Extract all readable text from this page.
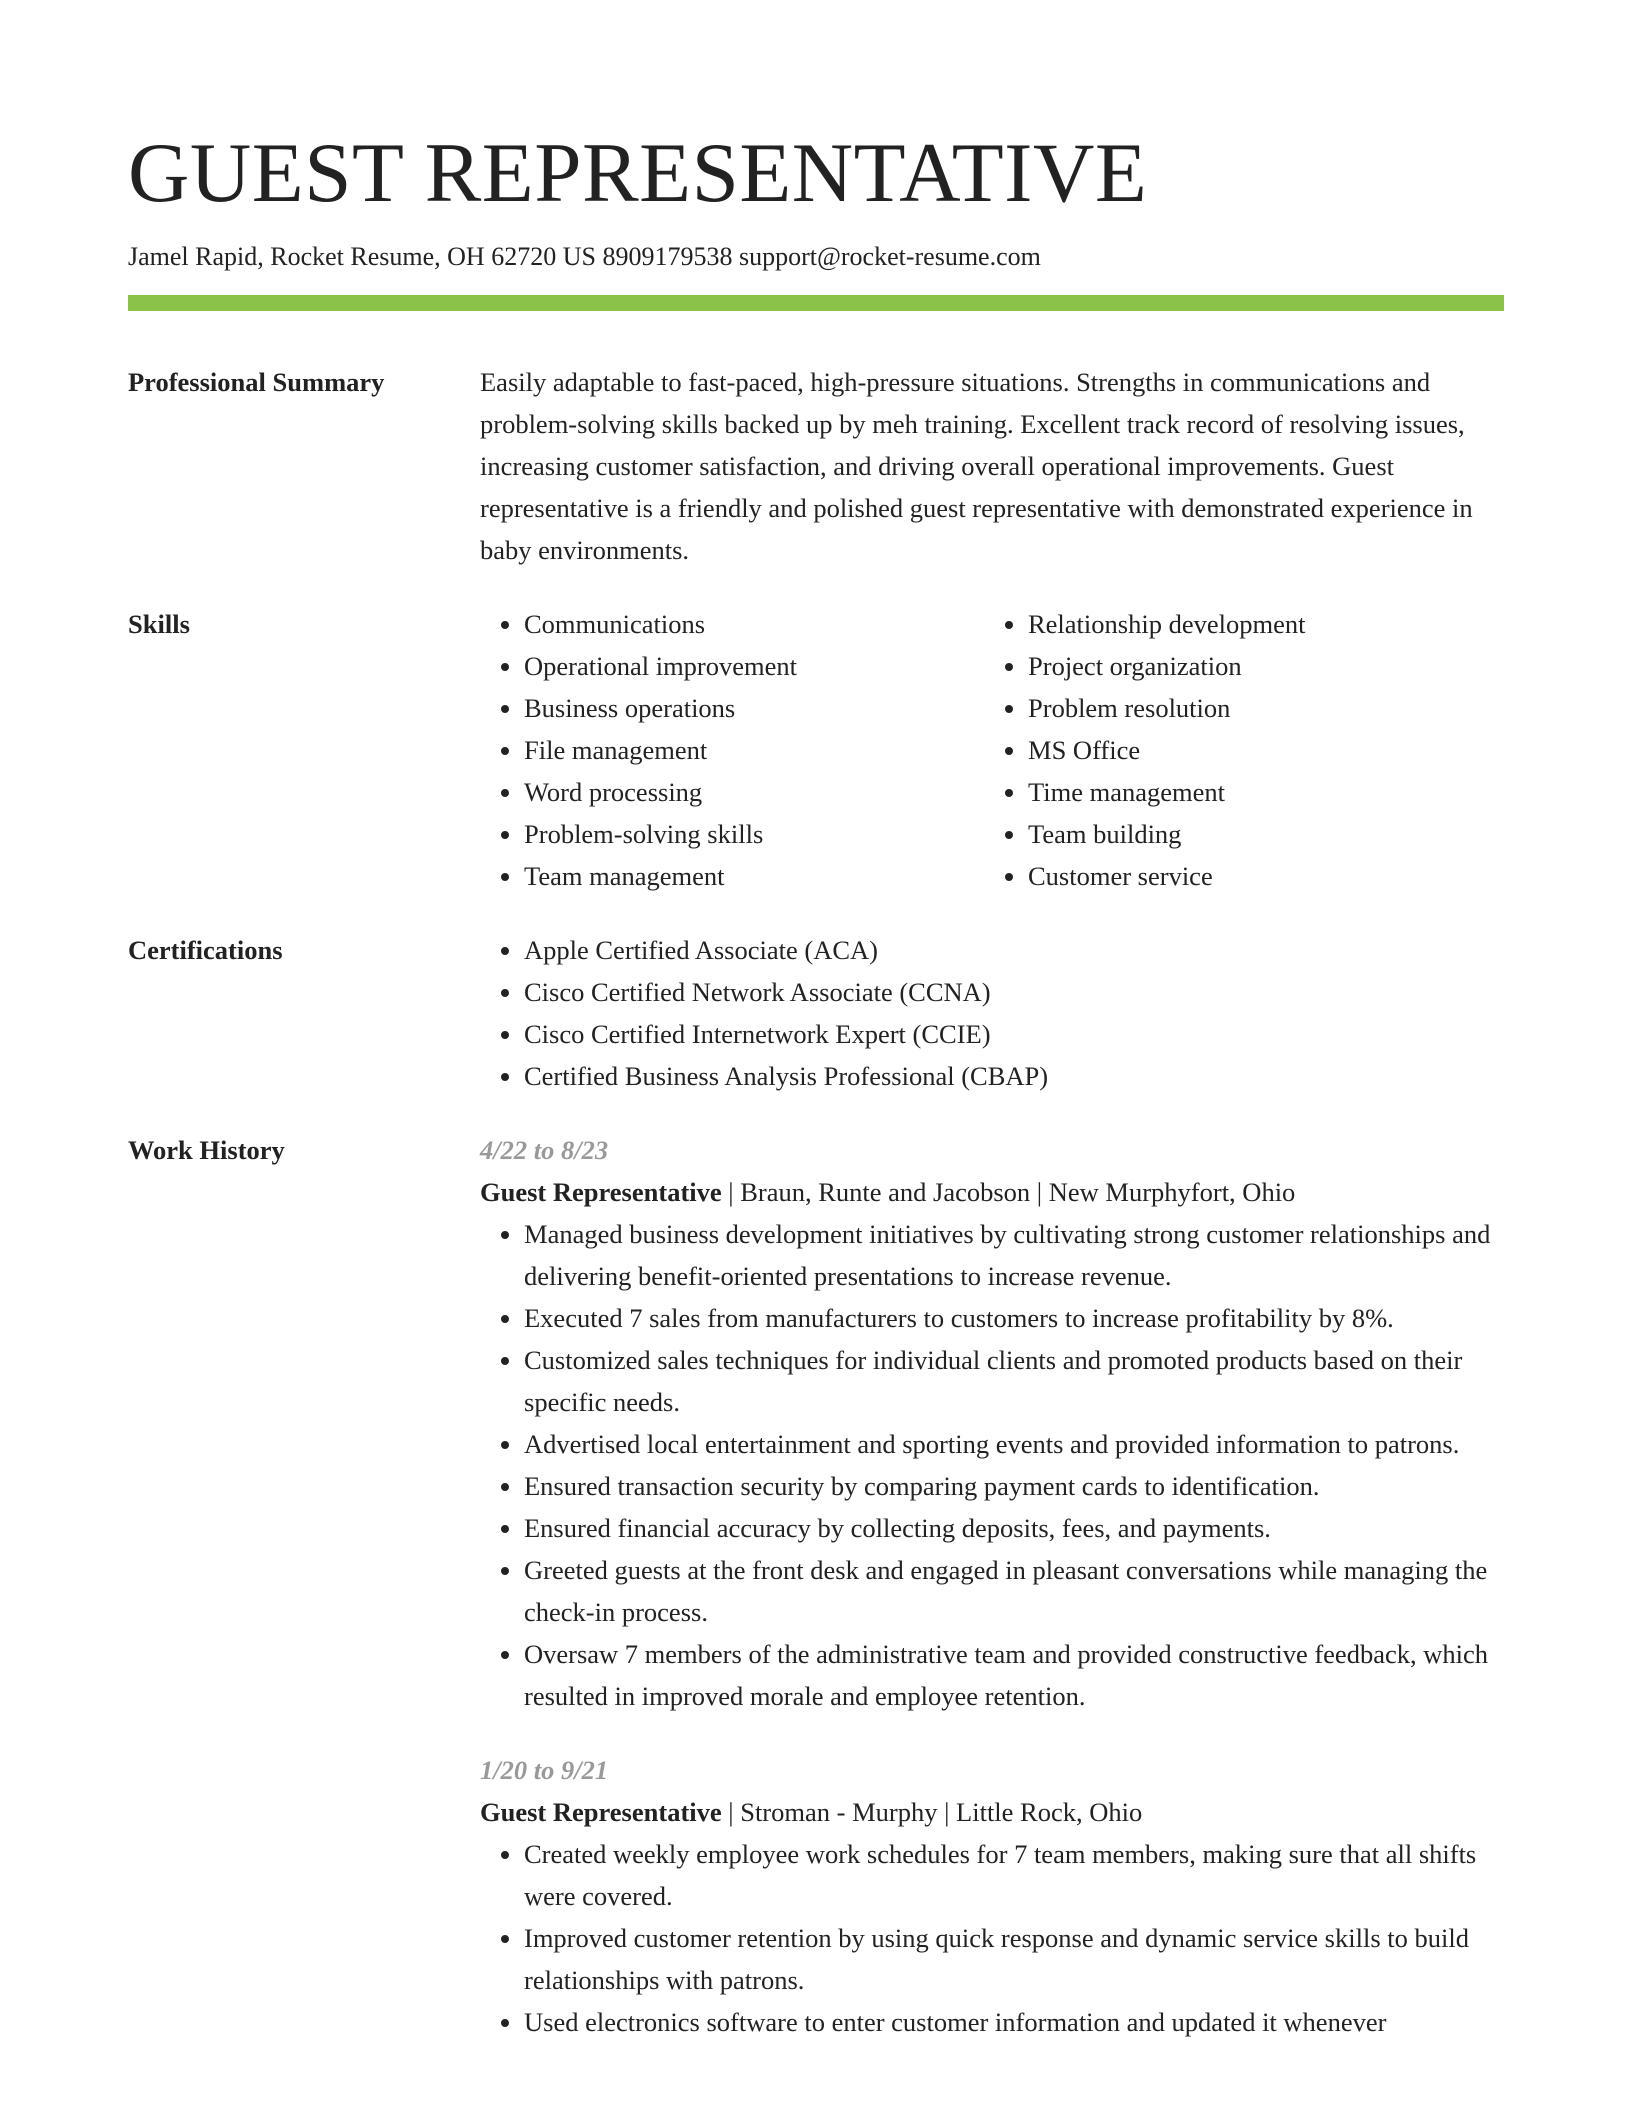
GUEST REPRESENTATIVE
Jamel Rapid, Rocket Resume, OH 62720 US 8909179538 support@rocket-resume.com
Professional Summary	Easily adaptable to fast-paced, high-pressure situations. Strengths in communications and problem-solving skills backed up by meh training. Excellent track record of resolving issues, increasing customer satisfaction, and driving overall operational improvements. Guest representative is a friendly and polished guest representative with demonstrated experience in baby environments.
Skills	• Communications
• Operational improvement
• Business operations
• File management
• Word processing
• Problem-solving skills
• Team management
• Relationship development
• Project organization
• Problem resolution
• MS Office
• Time management
• Team building
• Customer service
Certifications	• Apple Certified Associate (ACA)
• Cisco Certified Network Associate (CCNA)
• Cisco Certified Internetwork Expert (CCIE)
• Certified Business Analysis Professional (CBAP)
Work History	4/22 to 8/23
Guest Representative | Braun, Runte and Jacobson | New Murphyfort, Ohio
• Managed business development initiatives by cultivating strong customer relationships and delivering benefit-oriented presentations to increase revenue.
• Executed 7 sales from manufacturers to customers to increase profitability by 8%.
• Customized sales techniques for individual clients and promoted products based on their specific needs.
• Advertised local entertainment and sporting events and provided information to patrons.
• Ensured transaction security by comparing payment cards to identification.
• Ensured financial accuracy by collecting deposits, fees, and payments.
• Greeted guests at the front desk and engaged in pleasant conversations while managing the check-in process.
• Oversaw 7 members of the administrative team and provided constructive feedback, which resulted in improved morale and employee retention.
1/20 to 9/21
Guest Representative | Stroman - Murphy | Little Rock, Ohio
• Created weekly employee work schedules for 7 team members, making sure that all shifts were covered.
• Improved customer retention by using quick response and dynamic service skills to build relationships with patrons.
• Used electronics software to enter customer information and updated it whenever
